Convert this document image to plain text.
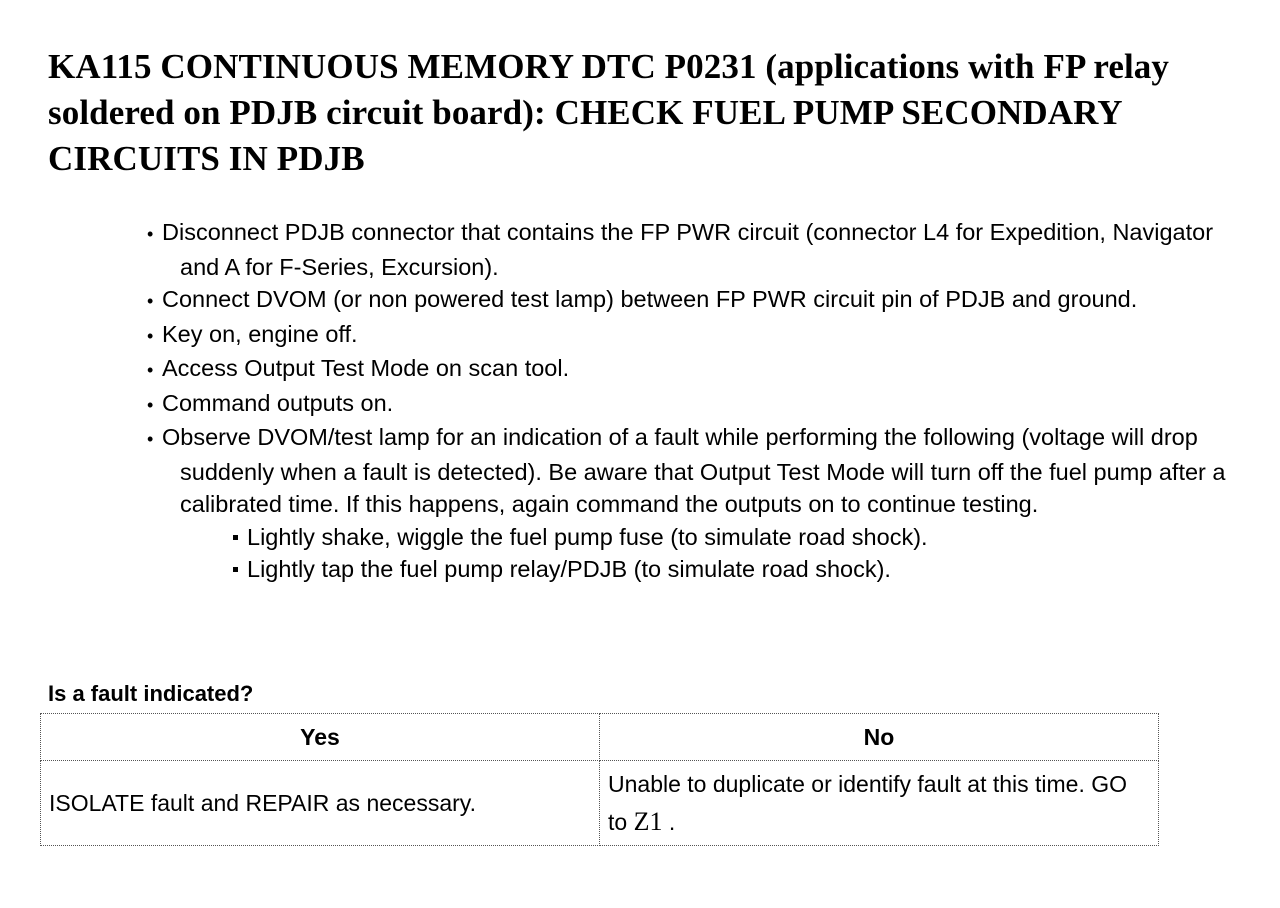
KA115 CONTINUOUS MEMORY DTC P0231 (applications with FP relay soldered on PDJB circuit board): CHECK FUEL PUMP SECONDARY CIRCUITS IN PDJB
• Disconnect PDJB connector that contains the FP PWR circuit (connector L4 for Expedition, Navigator and A for F-Series, Excursion).
• Connect DVOM (or non powered test lamp) between FP PWR circuit pin of PDJB and ground.
• Key on, engine off.
• Access Output Test Mode on scan tool.
• Command outputs on.
• Observe DVOM/test lamp for an indication of a fault while performing the following (voltage will drop suddenly when a fault is detected). Be aware that Output Test Mode will turn off the fuel pump after a calibrated time. If this happens, again command the outputs on to continue testing.
Lightly shake, wiggle the fuel pump fuse (to simulate road shock).
Lightly tap the fuel pump relay/PDJB (to simulate road shock).
Is a fault indicated?
Yes	No
ISOLATE fault and REPAIR as necessary.	Unable to duplicate or identify fault at this time. GO to Z1 .
